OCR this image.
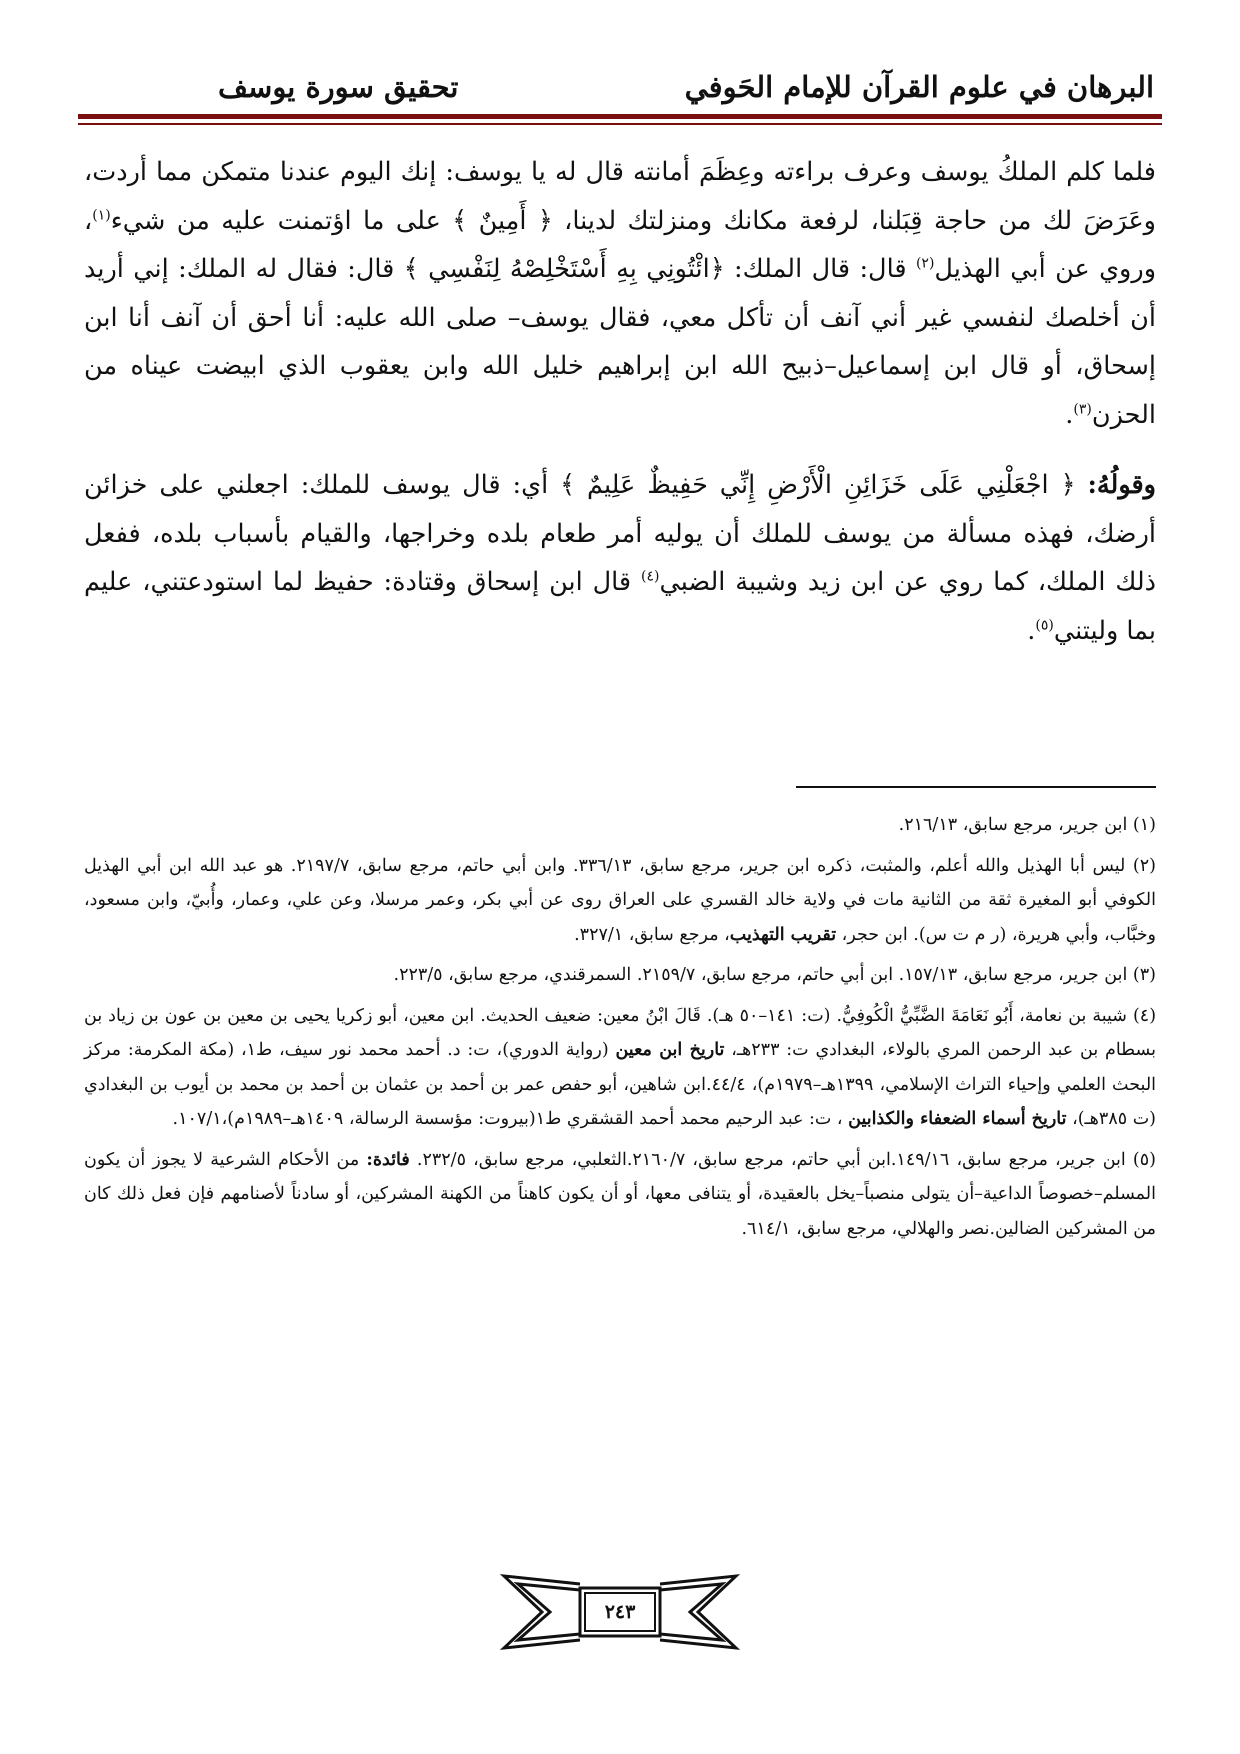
البرهان في علوم القرآن للإمام الحَوفي
تحقيق سورة يوسف

فلما كلم الملكُ يوسف وعرف براءته وعِظَمَ أمانته قال له يا يوسف: إنك اليوم عندنا متمكن مما أردت، وعَرَضَ لك من حاجة قِبَلنا، لرفعة مكانك ومنزلتك لدينا، ﴿ أَمِينٌ ﴾ على ما اؤتمنت عليه من شيء$^{(١)}$، وروي عن أبي الهذيل$^{(٢)}$ قال: قال الملك: ﴿ائْتُونِي بِهِ أَسْتَخْلِصْهُ لِنَفْسِي ﴾ قال: فقال له الملك: إني أريد أن أخلصك لنفسي غير أني آنف أن تأكل معي، فقال يوسف– صلى الله عليه: أنا أحق أن آنف أنا ابن إسحاق، أو قال ابن إسماعيل–ذبيح الله ابن إبراهيم خليل الله وابن يعقوب الذي ابيضت عيناه من الحزن$^{(٣)}$.

وقولُهُ: ﴿ اجْعَلْنِي عَلَى خَزَائِنِ الْأَرْضِ إِنِّي حَفِيظٌ عَلِيمٌ ﴾ أي: قال يوسف للملك: اجعلني على خزائن أرضك، فهذه مسألة من يوسف للملك أن يوليه أمر طعام بلده وخراجها، والقيام بأسباب بلده، ففعل ذلك الملك، كما روي عن ابن زيد وشيبة الضبي$^{(٤)}$ قال ابن إسحاق وقتادة: حفيظ لما استودعتني، عليم بما وليتني$^{(٥)}$.

(١) ابن جرير، مرجع سابق، ٢١٦/١٣.

(٢) ليس أبا الهذيل والله أعلم، والمثبت، ذكره ابن جرير، مرجع سابق، ٣٣٦/١٣. وابن أبي حاتم، مرجع سابق، ٢١٩٧/٧. هو عبد الله ابن أبي الهذيل الكوفي أبو المغيرة ثقة من الثانية مات في ولاية خالد القسري على العراق روى عن أبي بكر، وعمر مرسلا، وعن علي، وعمار، وأُبيّ، وابن مسعود، وخبَّاب، وأبي هريرة، (ر م ت س). ابن حجر، تقريب التهذيب، مرجع سابق، ٣٢٧/١.

(٣) ابن جرير، مرجع سابق، ١٥٧/١٣. ابن أبي حاتم، مرجع سابق، ٢١٥٩/٧. السمرقندي، مرجع سابق، ٢٢٣/٥.

(٤) شيبة بن نعامة، أَبُو نَعَامَةَ الضَّبِّيُّ الْكُوفِيُّ. (ت: ١٤١–٥٠ هـ). قَالَ ابْنُ معين: ضعيف الحديث. ابن معين، أبو زكريا يحيى بن معين بن عون بن زياد بن بسطام بن عبد الرحمن المري بالولاء، البغدادي ت: ٢٣٣هـ، تاريخ ابن معين (رواية الدوري)، ت: د. أحمد محمد نور سيف، ط١، (مكة المكرمة: مركز البحث العلمي وإحياء التراث الإسلامي، ١٣٩٩هـ–١٩٧٩م)، ٤٤/٤.ابن شاهين، أبو حفص عمر بن أحمد بن عثمان بن أحمد بن محمد بن أيوب بن البغدادي (ت ٣٨٥هـ)، تاريخ أسماء الضعفاء والكذابين ، ت: عبد الرحيم محمد أحمد القشقري ط١(بيروت: مؤسسة الرسالة، ١٤٠٩هـ–١٩٨٩م)،١٠٧/١.

(٥) ابن جرير، مرجع سابق، ١٤٩/١٦.ابن أبي حاتم، مرجع سابق، ٢١٦٠/٧.الثعلبي، مرجع سابق، ٢٣٢/٥. فائدة: من الأحكام الشرعية لا يجوز أن يكون المسلم–خصوصاً الداعية–أن يتولى منصباً–يخل بالعقيدة، أو يتنافى معها، أو أن يكون كاهناً من الكهنة المشركين، أو سادناً لأصنامهم فإن فعل ذلك كان من المشركين الضالين.نصر والهلالي، مرجع سابق، ٦١٤/١.

٢٤٣
